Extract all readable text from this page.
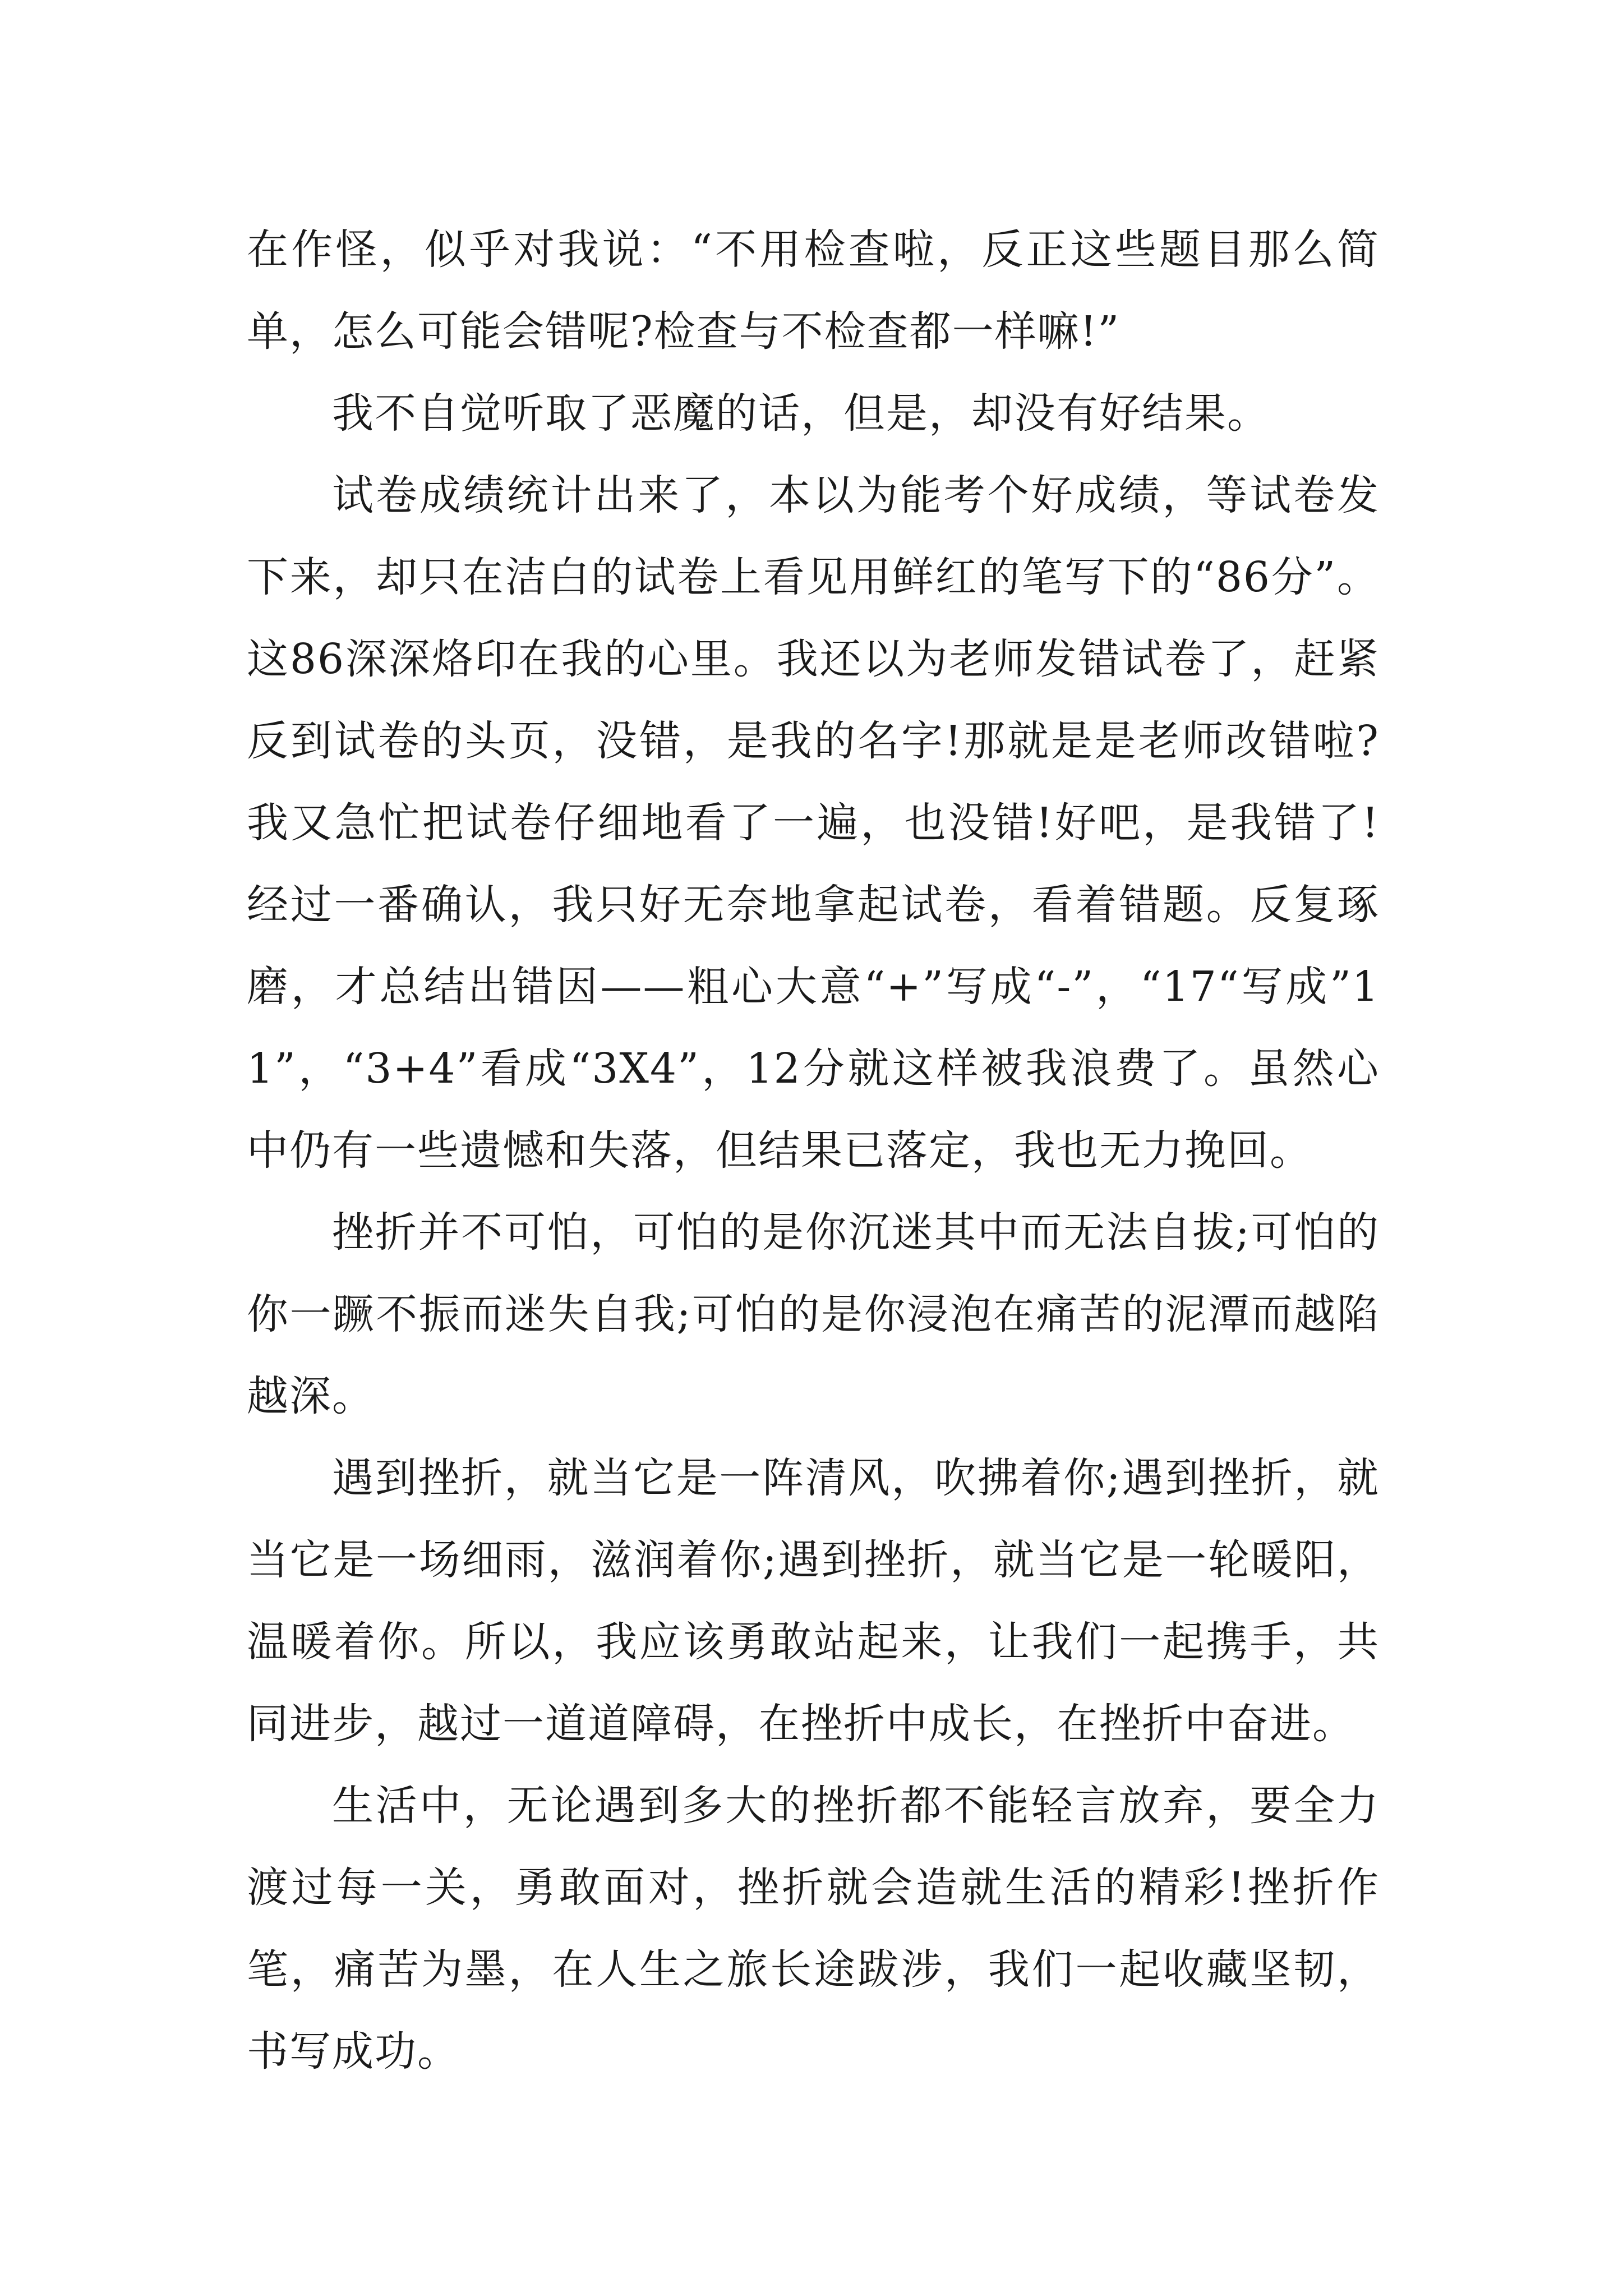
在作怪，似乎对我说：“不用检查啦，反正这些题目那么简单，怎么可能会错呢?检查与不检查都一样嘛!”

我不自觉听取了恶魔的话，但是，却没有好结果。

试卷成绩统计出来了，本以为能考个好成绩，等试卷发下来，却只在洁白的试卷上看见用鲜红的笔写下的“86分”。这86深深烙印在我的心里。我还以为老师发错试卷了，赶紧反到试卷的头页，没错，是我的名字!那就是是老师改错啦?我又急忙把试卷仔细地看了一遍，也没错!好吧，是我错了!经过一番确认，我只好无奈地拿起试卷，看着错题。反复琢磨，才总结出错因——粗心大意“+”写成“-”，“17“写成”11”，“3+4”看成“3X4”，12分就这样被我浪费了。虽然心中仍有一些遗憾和失落，但结果已落定，我也无力挽回。

挫折并不可怕，可怕的是你沉迷其中而无法自拔;可怕的你一蹶不振而迷失自我;可怕的是你浸泡在痛苦的泥潭而越陷越深。

遇到挫折，就当它是一阵清风，吹拂着你;遇到挫折，就当它是一场细雨，滋润着你;遇到挫折，就当它是一轮暖阳，温暖着你。所以，我应该勇敢站起来，让我们一起携手，共同进步，越过一道道障碍，在挫折中成长，在挫折中奋进。

生活中，无论遇到多大的挫折都不能轻言放弃，要全力渡过每一关，勇敢面对，挫折就会造就生活的精彩!挫折作笔，痛苦为墨，在人生之旅长途跋涉，我们一起收藏坚韧，书写成功。
